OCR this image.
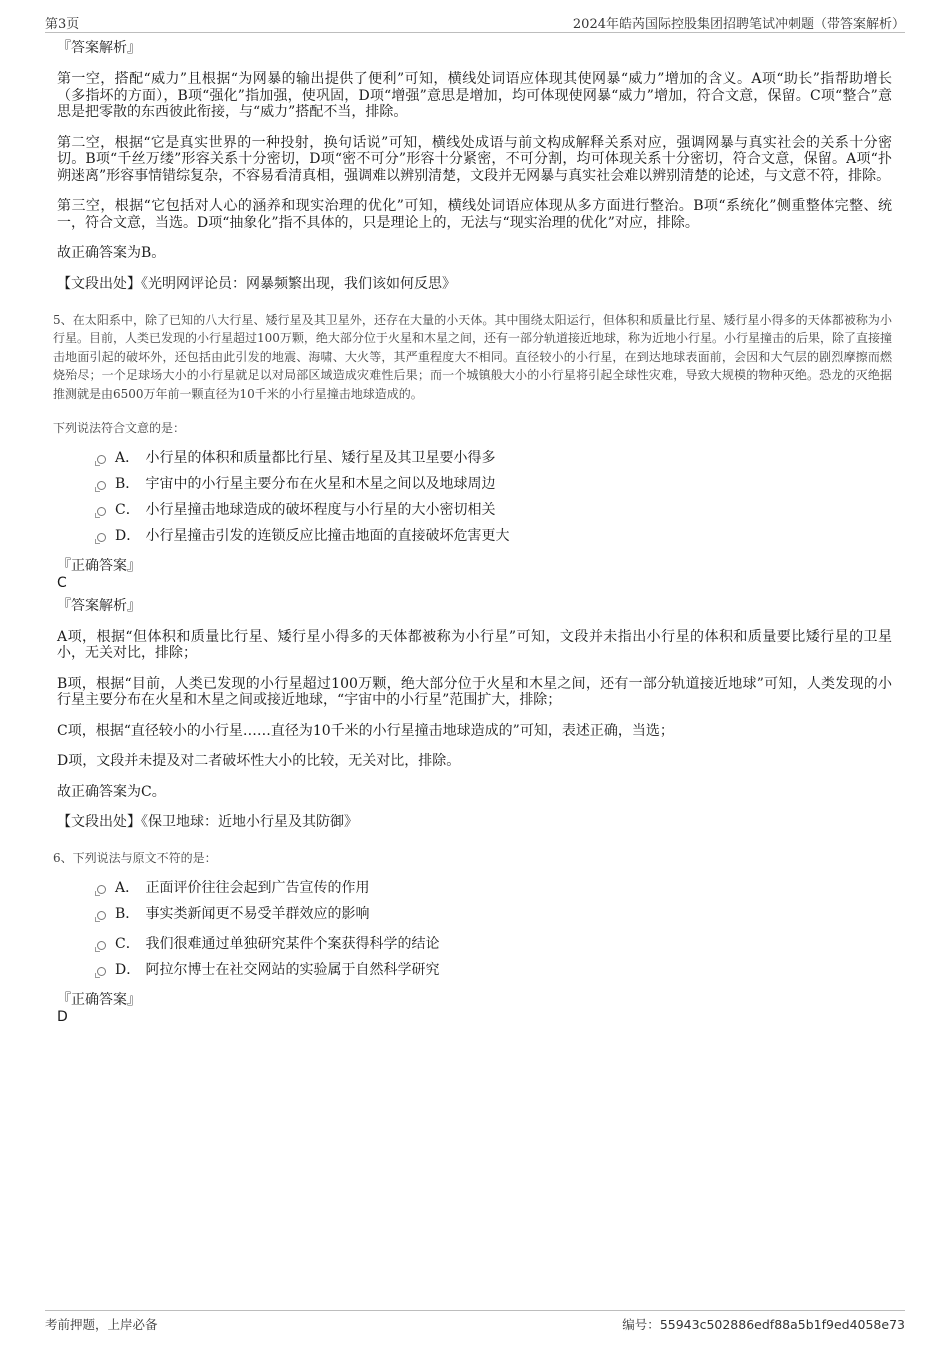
第3页	2024年皓芮国际控股集团招聘笔试冲刺题（带答案解析）
『答案解析』

第一空，搭配“威力”且根据“为网暴的输出提供了便利”可知，横线处词语应体现其使网暴“威力”增加的含义。A项“助长”指帮助增长（多指坏的方面），B项“强化”指加强，使巩固，D项“增强”意思是增加，均可体现使网暴“威力”增加，符合文意，保留。C项“整合”意思是把零散的东西彼此衔接，与“威力”搭配不当，排除。

第二空，根据“它是真实世界的一种投射，换句话说”可知，横线处成语与前文构成解释关系对应，强调网暴与真实社会的关系十分密切。B项“千丝万缕”形容关系十分密切，D项“密不可分”形容十分紧密，不可分割，均可体现关系十分密切，符合文意，保留。A项“扑朔迷离”形容事情错综复杂，不容易看清真相，强调难以辨别清楚，文段并无网暴与真实社会难以辨别清楚的论述，与文意不符，排除。

第三空，根据“它包括对人心的涵养和现实治理的优化”可知，横线处词语应体现从多方面进行整治。B项“系统化”侧重整体完整、统一，符合文意，当选。D项“抽象化”指不具体的，只是理论上的，无法与“现实治理的优化”对应，排除。

故正确答案为B。

【文段出处】《光明网评论员：网暴频繁出现，我们该如何反思》

5、在太阳系中，除了已知的八大行星、矮行星及其卫星外，还存在大量的小天体。其中围绕太阳运行，但体积和质量比行星、矮行星小得多的天体都被称为小行星。目前，人类已发现的小行星超过100万颗，绝大部分位于火星和木星之间，还有一部分轨道接近地球，称为近地小行星。小行星撞击的后果，除了直接撞击地面引起的破坏外，还包括由此引发的地震、海啸、大火等，其严重程度大不相同。直径较小的小行星，在到达地球表面前，会因和大气层的剧烈摩擦而燃烧殆尽；一个足球场大小的小行星就足以对局部区域造成灾难性后果；而一个城镇般大小的小行星将引起全球性灾难，导致大规模的物种灭绝。恐龙的灭绝据推测就是由6500万年前一颗直径为10千米的小行星撞击地球造成的。

下列说法符合文意的是：

A． 小行星的体积和质量都比行星、矮行星及其卫星要小得多
B． 宇宙中的小行星主要分布在火星和木星之间以及地球周边
C． 小行星撞击地球造成的破坏程度与小行星的大小密切相关
D． 小行星撞击引发的连锁反应比撞击地面的直接破坏危害更大
『正确答案』
C
『答案解析』

A项，根据“但体积和质量比行星、矮行星小得多的天体都被称为小行星”可知，文段并未指出小行星的体积和质量要比矮行星的卫星小，无关对比，排除；

B项，根据“目前，人类已发现的小行星超过100万颗，绝大部分位于火星和木星之间，还有一部分轨道接近地球”可知，人类发现的小行星主要分布在火星和木星之间或接近地球，“宇宙中的小行星”范围扩大，排除；

C项，根据“直径较小的小行星……直径为10千米的小行星撞击地球造成的”可知，表述正确，当选；

D项，文段并未提及对二者破坏性大小的比较，无关对比，排除。

故正确答案为C。

【文段出处】《保卫地球：近地小行星及其防御》

6、下列说法与原文不符的是：

A． 正面评价往往会起到广告宣传的作用
B． 事实类新闻更不易受羊群效应的影响
C． 我们很难通过单独研究某件个案获得科学的结论
D． 阿拉尔博士在社交网站的实验属于自然科学研究
『正确答案』
D
考前押题，上岸必备	编号：55943c502886edf88a5b1f9ed4058e73
